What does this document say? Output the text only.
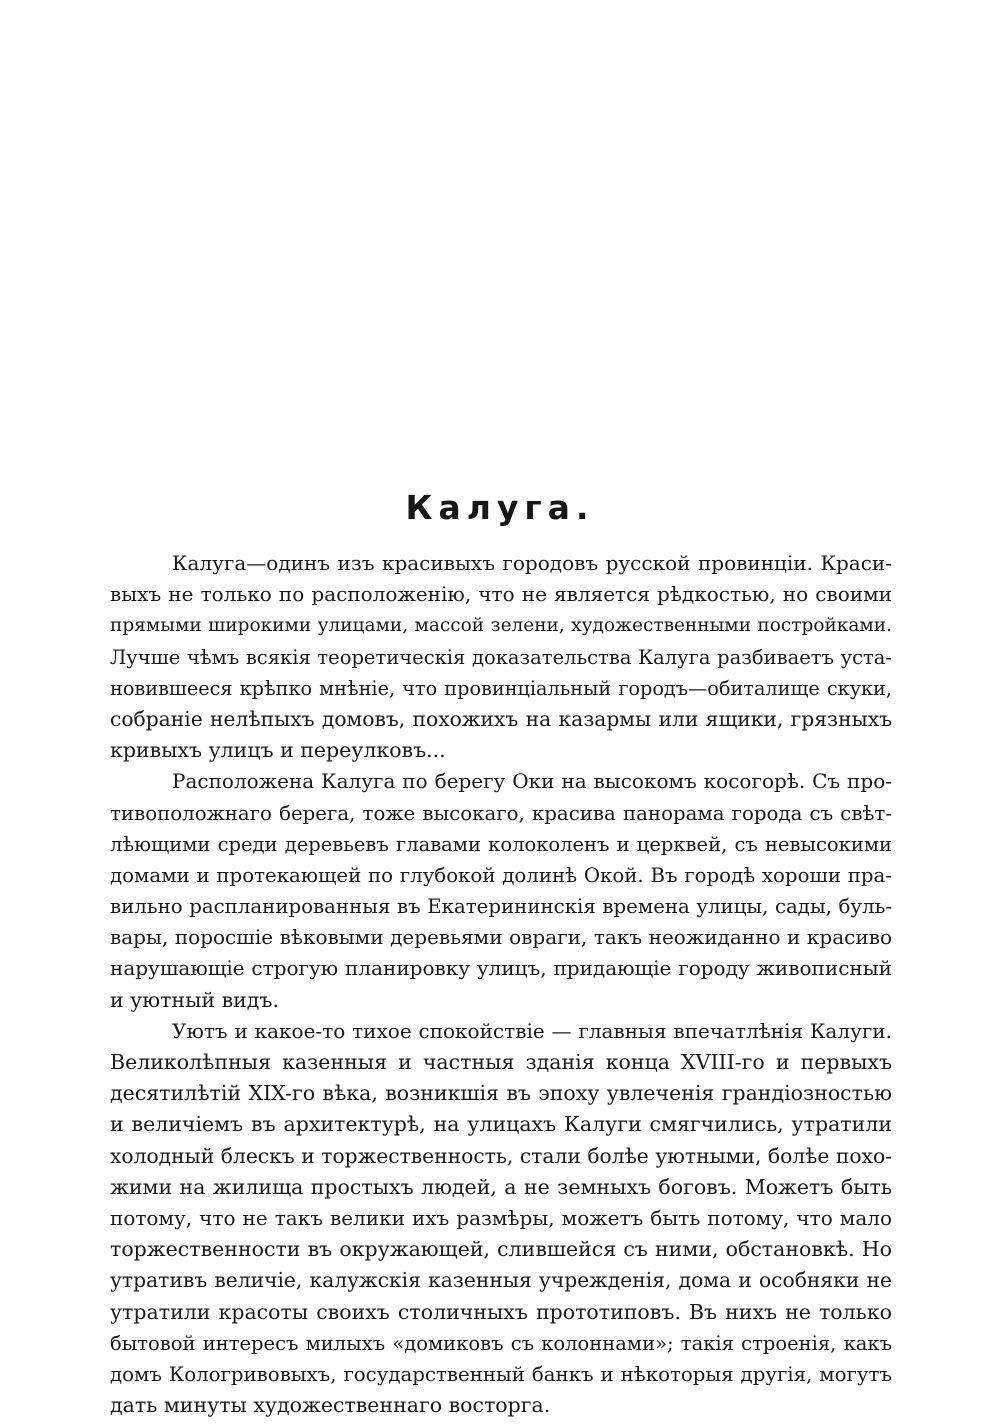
Калуга.

Калуга—одинъ изъ красивыхъ городовъ русской провинціи. Краси-
выхъ не только по расположенію, что не является рѣдкостью, но своими
прямыми широкими улицами, массой зелени, художественными постройками.
Лучше чѣмъ всякія теоретическія доказательства Калуга разбиваетъ уста-
новившееся крѣпко мнѣніе, что провинціальный городъ—обиталище скуки,
собраніе нелѣпыхъ домовъ, похожихъ на казармы или ящики, грязныхъ
кривыхъ улицъ и переулковъ...

Расположена Калуга по берегу Оки на высокомъ косогорѣ. Съ про-
тивоположнаго берега, тоже высокаго, красива панорама города съ свѣт-
лѣющими среди деревьевъ главами колоколенъ и церквей, съ невысокими
домами и протекающей по глубокой долинѣ Окой. Въ городѣ хороши пра-
вильно распланированныя въ Екатерининскія времена улицы, сады, буль-
вары, поросшіе вѣковыми деревьями овраги, такъ неожиданно и красиво
нарушающіе строгую планировку улицъ, придающіе городу живописный
и уютный видъ.

Уютъ и какое-то тихое спокойствіе — главныя впечатлѣнія Калуги.
Великолѣпныя казенныя и частныя зданія конца XVIII-го и первыхъ
десятилѣтій XIX-го вѣка, возникшія въ эпоху увлеченія грандіозностью
и величіемъ въ архитектурѣ, на улицахъ Калуги смягчились, утратили
холодный блескъ и торжественность, стали болѣе уютными, болѣе похо-
жими на жилища простыхъ людей, а не земныхъ боговъ. Можетъ быть
потому, что не такъ велики ихъ размѣры, можетъ быть потому, что мало
торжественности въ окружающей, слившейся съ ними, обстановкѣ. Но
утративъ величіе, калужскія казенныя учрежденія, дома и особняки не
утратили красоты своихъ столичныхъ прототиповъ. Въ нихъ не только
бытовой интересъ милыхъ «домиковъ съ колоннами»; такія строенія, какъ
домъ Кологривовыхъ, государственный банкъ и нѣкоторыя другія, могутъ
дать минуты художественнаго восторга.
